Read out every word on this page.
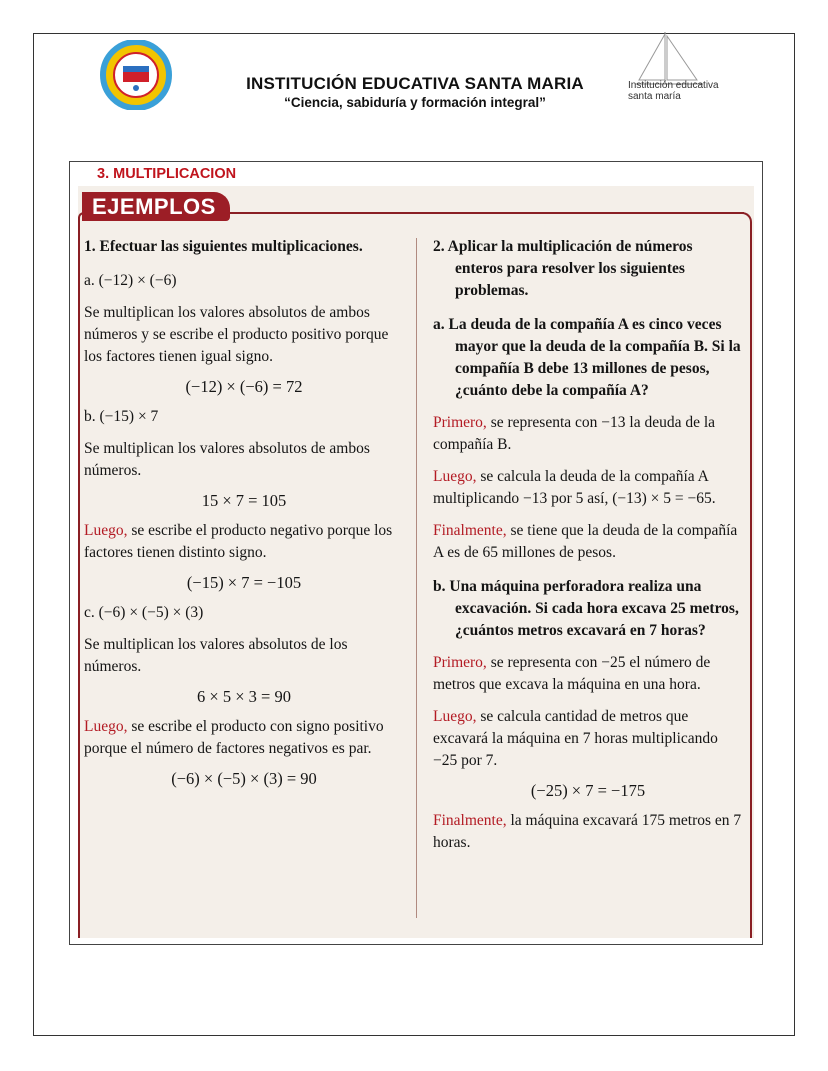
INSTITUCIÓN EDUCATIVA SANTA MARIA
“Ciencia, sabiduría y formación integral”
Institución educativa
santa maría
3. MULTIPLICACION
EJEMPLOS

1. Efectuar las siguientes multiplicaciones.

a. (−12) × (−6)

Se multiplican los valores absolutos de ambos números y se escribe el producto positivo porque los factores tienen igual signo.

(−12) × (−6) = 72

b. (−15) × 7

Se multiplican los valores absolutos de ambos números.

15 × 7 = 105

Luego, se escribe el producto negativo porque los factores tienen distinto signo.

(−15) × 7 = −105

c. (−6) × (−5) × (3)

Se multiplican los valores absolutos de los números.

6 × 5 × 3 = 90

Luego, se escribe el producto con signo positivo porque el número de factores negativos es par.

(−6) × (−5) × (3) = 90

2. Aplicar la multiplicación de números enteros para resolver los siguientes problemas.

a. La deuda de la compañía A es cinco veces mayor que la deuda de la compañía B. Si la compañía B debe 13 millones de pesos, ¿cuánto debe la compañía A?

Primero, se representa con −13 la deuda de la compañía B.

Luego, se calcula la deuda de la compañía A multiplicando −13 por 5 así, (−13) × 5 = −65.

Finalmente, se tiene que la deuda de la compañía A es de 65 millones de pesos.

b. Una máquina perforadora realiza una excavación. Si cada hora excava 25 metros, ¿cuántos metros excavará en 7 horas?

Primero, se representa con −25 el número de metros que excava la máquina en una hora.

Luego, se calcula cantidad de metros que excavará la máquina en 7 horas multiplicando −25 por 7.

(−25) × 7 = −175

Finalmente, la máquina excavará 175 metros en 7 horas.
